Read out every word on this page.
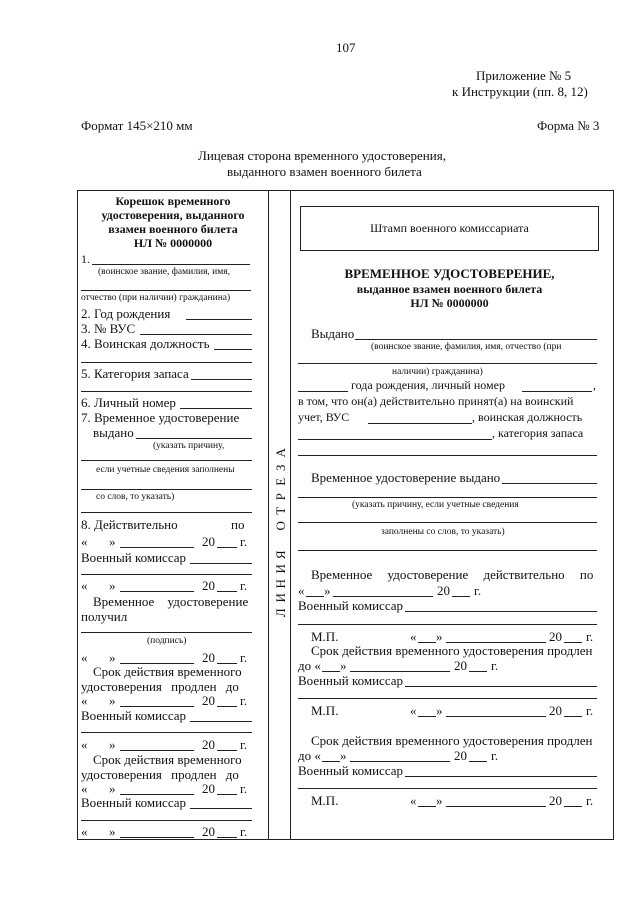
107
Приложение № 5
к Инструкции (пп. 8, 12)
Формат 145×210 мм	Форма № 3
Лицевая сторона временного удостоверения,
выданного взамен военного билета
Корешок временного
удостоверения, выданного
взамен военного билета
НЛ № 0000000
1.
(воинское звание, фамилия, имя,
отчество (при наличии) гражданина)
2. Год рождения
3. № ВУС
4. Воинская должность
5. Категория запаса
6. Личный номер
7. Временное удостоверение
выдано
(указать причину,
если учетные сведения заполнены
со слов, то указать)
8. Действительно	по
« »	20 г.
Военный комиссар
« »	20 г.
Временное удостоверение
получил
(подпись)
« »	20 г.
Срок действия временного
удостоверения продлен до
« »	20 г.
Военный комиссар
« »	20 г.
Срок действия временного
удостоверения продлен до
« »	20 г.
Военный комиссар
« »	20 г.
А
З
Е
Р
Т
О

Я
И
Н
И
Л
Штамп военного комиссариата
ВРЕМЕННОЕ УДОСТОВЕРЕНИЕ,
выданное взамен военного билета
НЛ № 0000000
Выдано
(воинское звание, фамилия, имя, отчество (при
наличии) гражданина)
года рождения, личный номер	,
в том, что он(а) действительно принят(а) на воинский
учет, ВУС	, воинская должность
, категория запаса
Временное удостоверение выдано
(указать причину, если учетные сведения
заполнены со слов, то указать)
Временное удостоверение действительно по
« »	20 г.
Военный комиссар
М.П.	« »	20 г.
Срок действия временного удостоверения продлен
до « »	20 г.
Военный комиссар
М.П.	« »	20 г.
Срок действия временного удостоверения продлен
до « »	20 г.
Военный комиссар
М.П.	« »	20 г.
